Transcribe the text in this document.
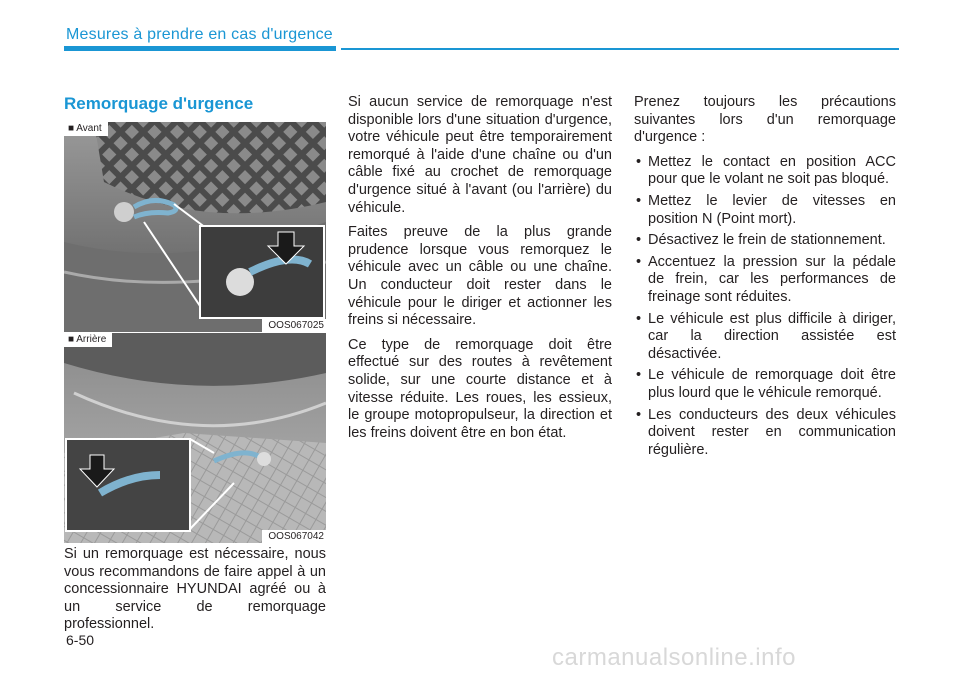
Mesures à prendre en cas d'urgence
Remorquage d'urgence
■ Avant
OOS067025
■ Arrière
OOS067042

Si un remorquage est nécessaire, nous vous recommandons de faire appel à un concessionnaire HYUNDAI agréé ou à un service de remorquage professionnel.

Si aucun service de remorquage n'est disponible lors d'une situation d'urgence, votre véhicule peut être temporairement remorqué à l'aide d'une chaîne ou d'un câble fixé au crochet de remorquage d'urgence situé à l'avant (ou l'arrière) du véhicule.

Faites preuve de la plus grande prudence lorsque vous remorquez le véhicule avec un câble ou une chaîne. Un conducteur doit rester dans le véhicule pour le diriger et actionner les freins si nécessaire.

Ce type de remorquage doit être effectué sur des routes à revêtement solide, sur une courte distance et à vitesse réduite. Les roues, les essieux, le groupe motopropulseur, la direction et les freins doivent être en bon état.

Prenez toujours les précautions suivantes lors d'un remorquage d'urgence :

• Mettez le contact en position ACC pour que le volant ne soit pas bloqué.
• Mettez le levier de vitesses en position N (Point mort).
• Désactivez le frein de stationnement.
• Accentuez la pression sur la pédale de frein, car les performances de freinage sont réduites.
• Le véhicule est plus difficile à diriger, car la direction assistée est désactivée.
• Le véhicule de remorquage doit être plus lourd que le véhicule remorqué.
• Les conducteurs des deux véhicules doivent rester en communication régulière.
6-50
carmanualsonline.info
